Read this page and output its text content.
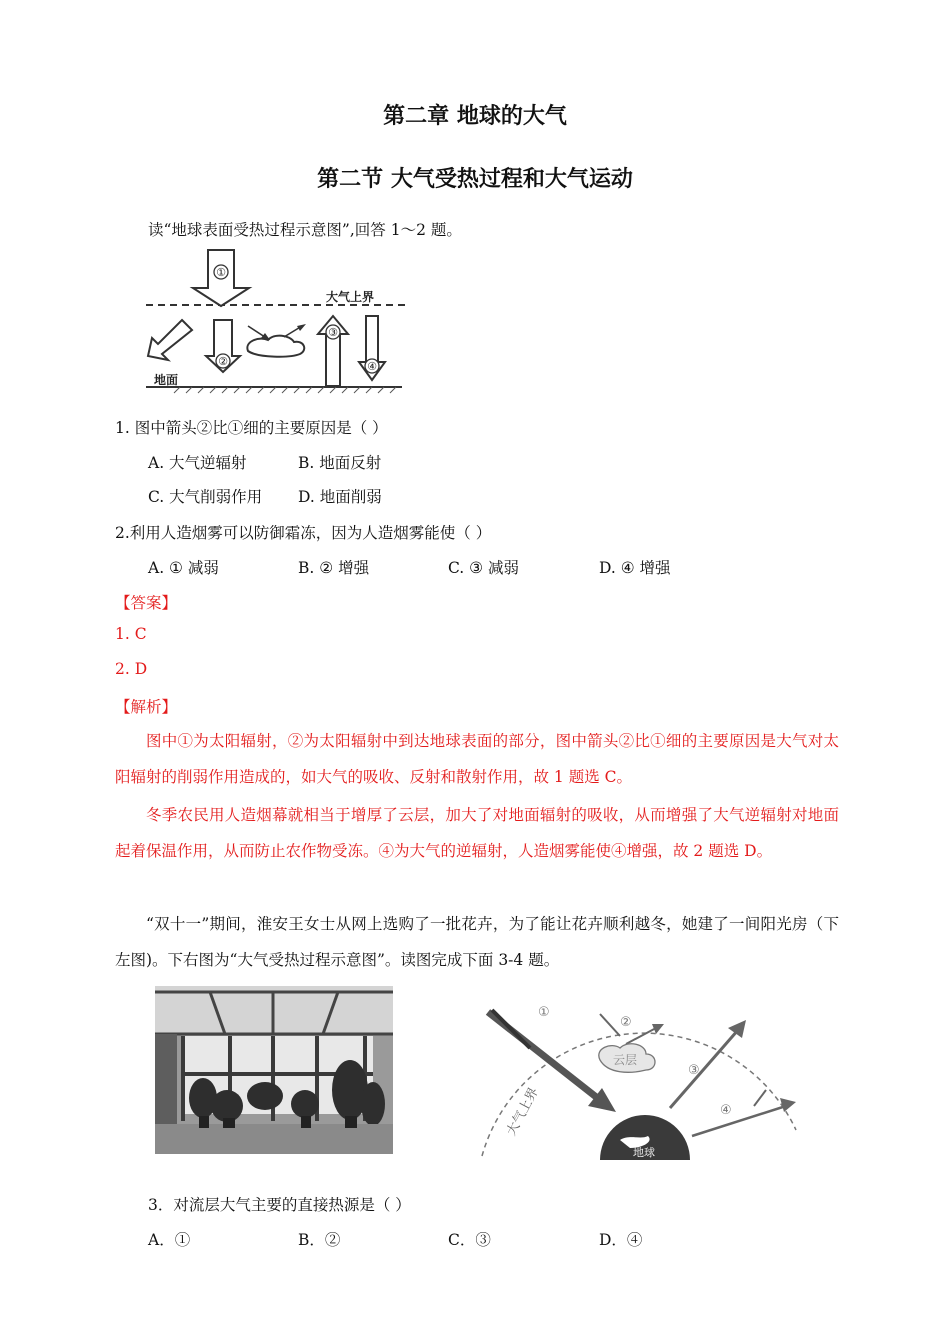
第二章 地球的大气
第二节 大气受热过程和大气运动
读“地球表面受热过程示意图”,回答 1～2 题。
大气上界
地面
①
②
③
④
1. 图中箭头②比①细的主要原因是（ ）
A. 大气逆辐射	B. 地面反射
C. 大气削弱作用 D. 地面削弱
2.利用人造烟雾可以防御霜冻，因为人造烟雾能使（ ）
A. ① 减弱	B. ② 增强	C. ③ 减弱	D. ④ 增强
【答案】
1. C
2. D
【解析】
图中①为太阳辐射，②为太阳辐射中到达地球表面的部分，图中箭头②比①细的主要原因是大气对太阳辐射的削弱作用造成的，如大气的吸收、反射和散射作用，故 1 题选 C。
冬季农民用人造烟幕就相当于增厚了云层，加大了对地面辐射的吸收，从而增强了大气逆辐射对地面起着保温作用，从而防止农作物受冻。④为大气的逆辐射，人造烟雾能使④增强，故 2 题选 D。
“双十一”期间，淮安王女士从网上选购了一批花卉，为了能让花卉顺利越冬，她建了一间阳光房（下左图)。下右图为“大气受热过程示意图”。读图完成下面 3-4 题。
大气上界
地球
①
②
云层
③
④
3．对流层大气主要的直接热源是（ ）
A．①	B．②	C．③	D．④
